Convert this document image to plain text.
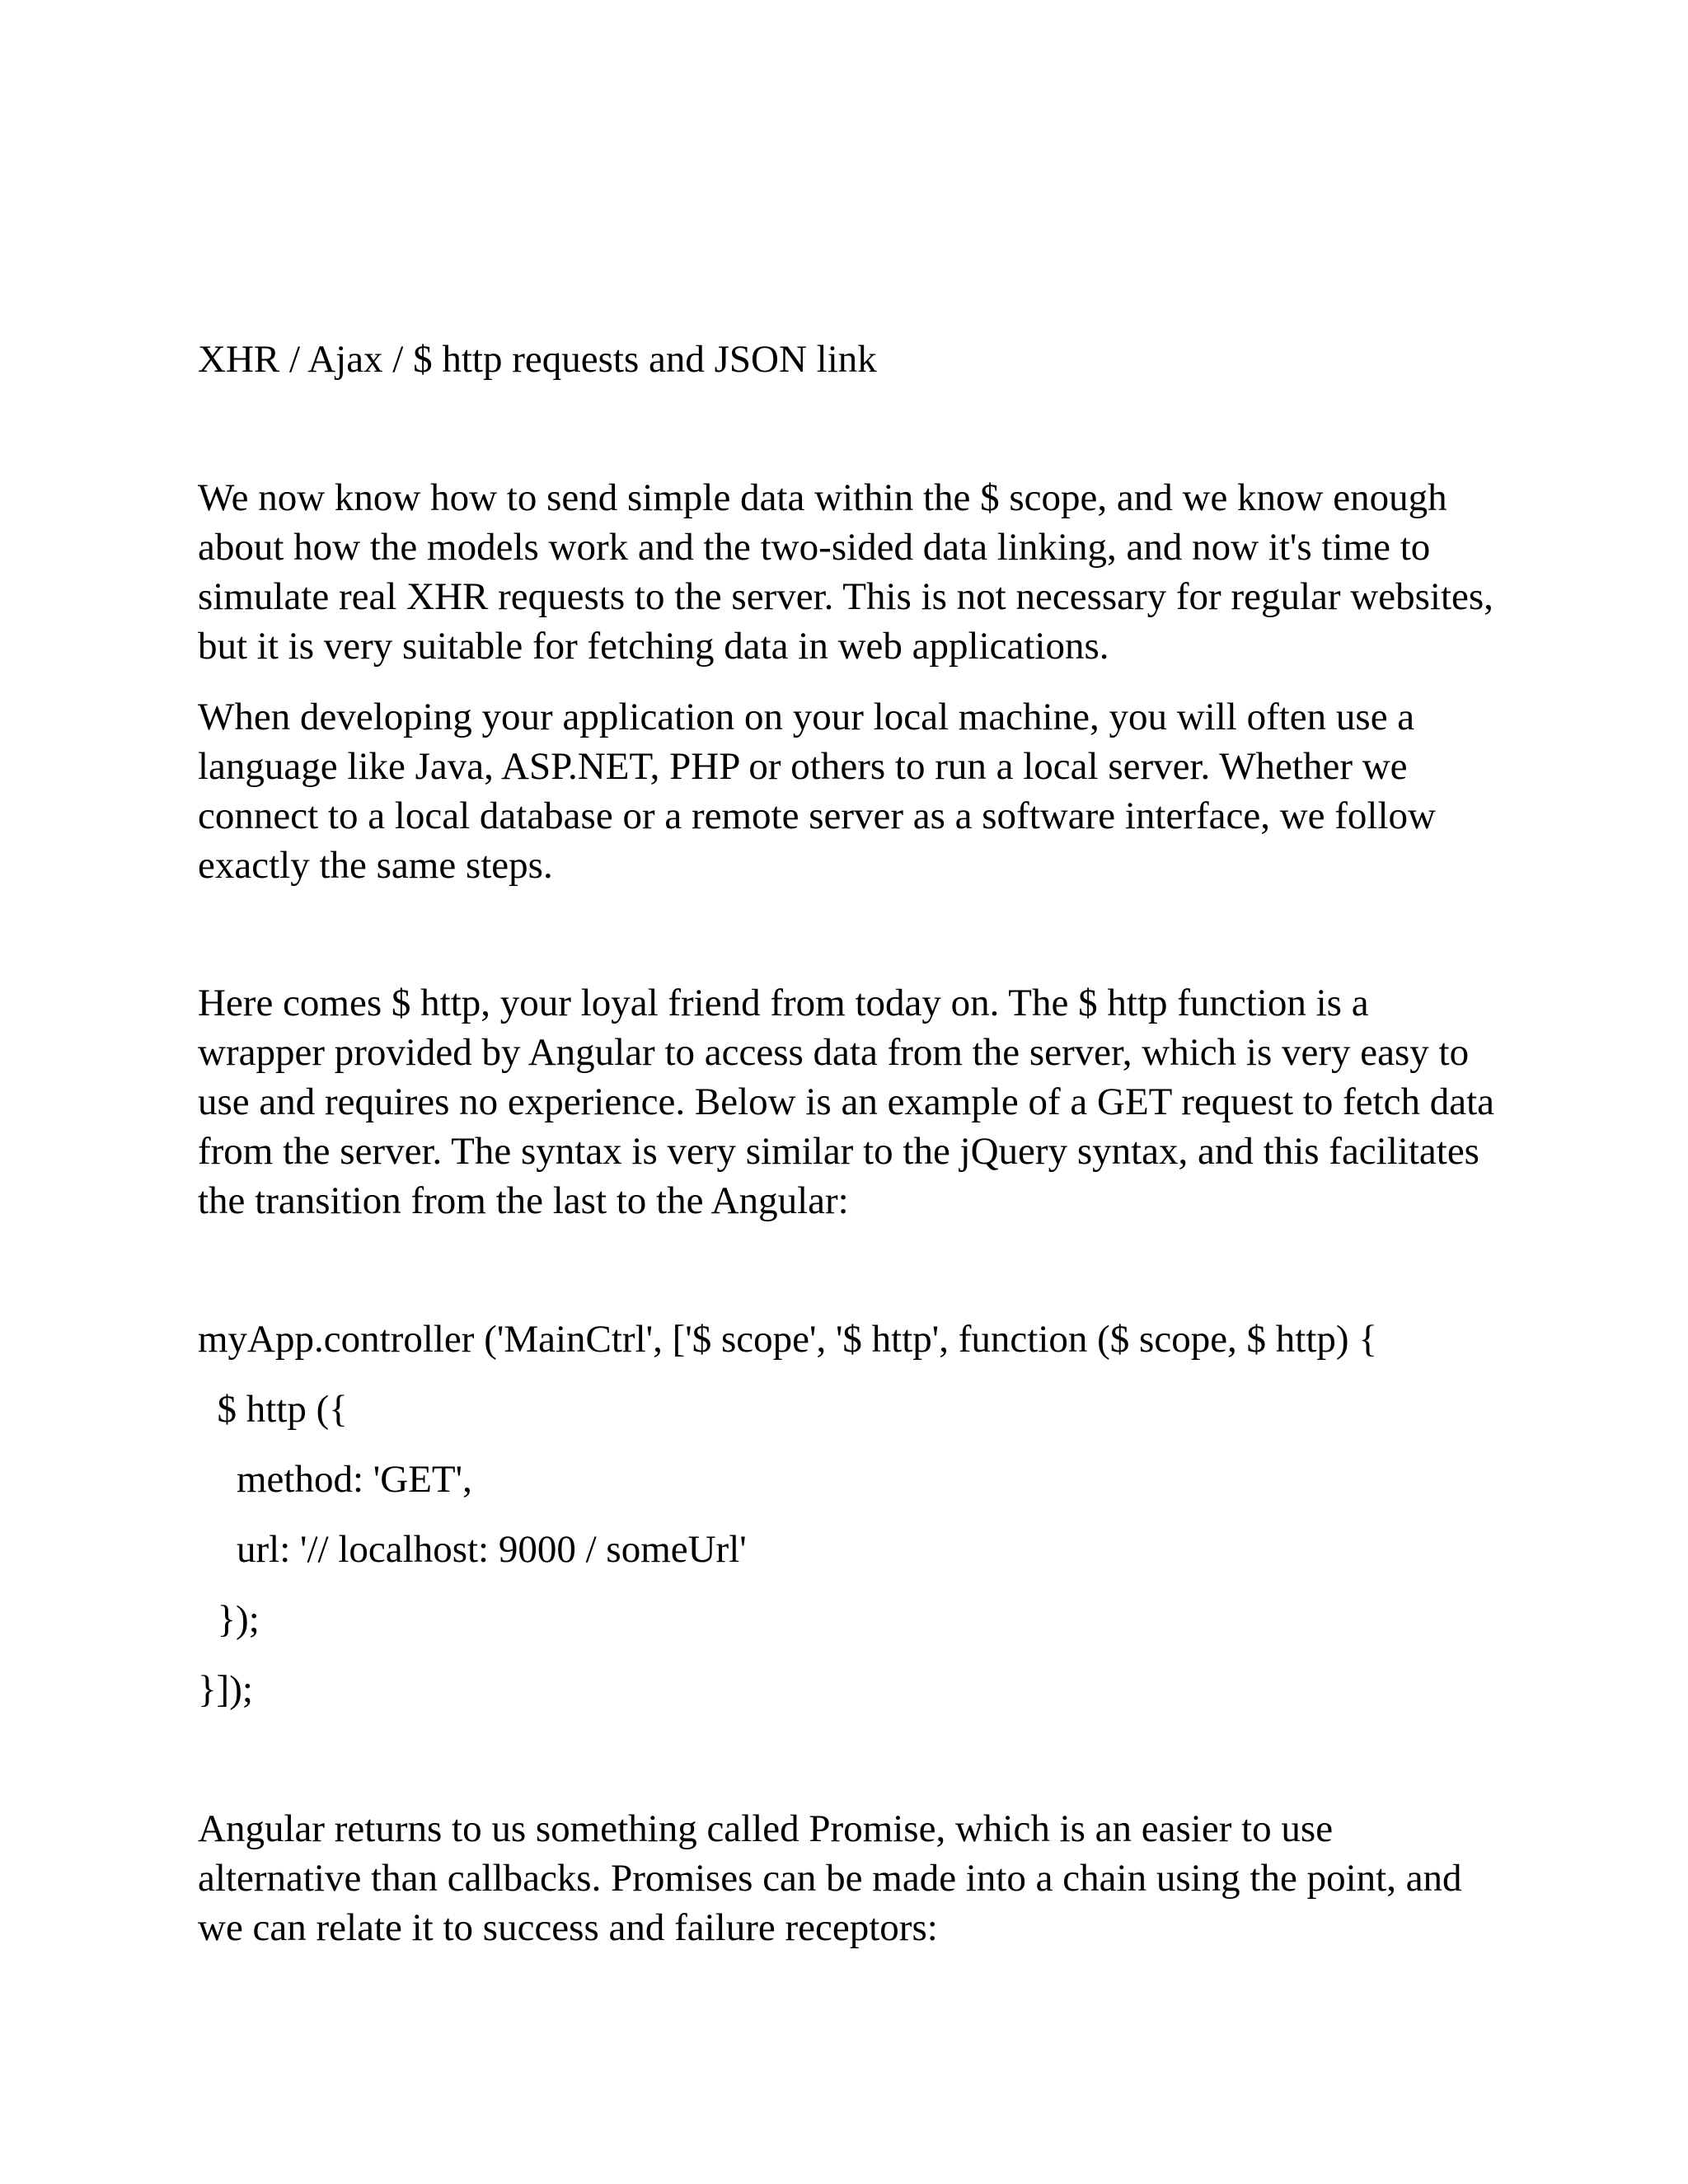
XHR / Ajax / $ http requests and JSON link

We now know how to send simple data within the $ scope, and we know enough about how the models work and the two-sided data linking, and now it's time to simulate real XHR requests to the server. This is not necessary for regular websites, but it is very suitable for fetching data in web applications.

When developing your application on your local machine, you will often use a language like Java, ASP.NET, PHP or others to run a local server. Whether we connect to a local database or a remote server as a software interface, we follow exactly the same steps.

Here comes $ http, your loyal friend from today on. The $ http function is a wrapper provided by Angular to access data from the server, which is very easy to use and requires no experience. Below is an example of a GET request to fetch data from the server. The syntax is very similar to the jQuery syntax, and this facilitates the transition from the last to the Angular:

myApp.controller ('MainCtrl', ['$ scope', '$ http', function ($ scope, $ http) {
$ http ({
method: 'GET',
url: '// localhost: 9000 / someUrl'
});
}]);

Angular returns to us something called Promise, which is an easier to use alternative than callbacks. Promises can be made into a chain using the point, and we can relate it to success and failure receptors:
